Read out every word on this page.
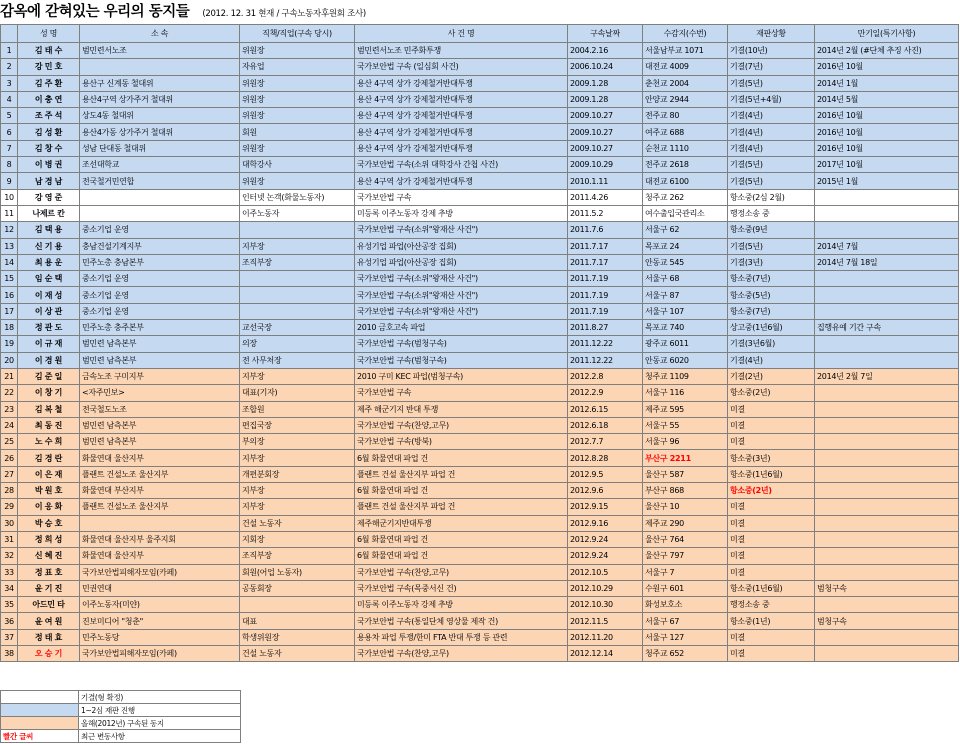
감옥에 갇혀있는 우리의 동지들 (2012. 12. 31 현재 / 구속노동자후원회 조사)
	성 명	소 속	직책/직업(구속 당시)	사 건 명	구속날짜	수감지(수번)	재판상황	만기일(특기사항)
1	김 태 수	범민련서노조	위원장	범민련서노조 민주화투쟁	2004.2.16	서울남부교 1071	기결(10년)	2014년 2월 (#단체 추징 사진)
2	강 민 호		자유업	국가보안법 구속 (일심회 사건)	2006.10.24	대전교 4009	기결(7년)	2016년 10월
3	김 주 환	용산구 신계동 철대위	위원장	용산 4구역 상가 강제철거반대투쟁	2009.1.28	춘천교 2004	기결(5년)	2014년 1월
4	이 충 연	용산4구역 상가주거 철대위	위원장	용산 4구역 상가 강제철거반대투쟁	2009.1.28	안양교 2944	기결(5년+4월)	2014년 5월
5	조 주 석	상도4동 철대위	위원장	용산 4구역 상가 강제철거반대투쟁	2009.10.27	전주교 80	기결(4년)	2016년 10월
6	김 성 환	용산4가동 상가주거 철대위	회원	용산 4구역 상가 강제철거반대투쟁	2009.10.27	여주교 688	기결(4년)	2016년 10월
7	김 창 수	성남 단대동 철대위	위원장	용산 4구역 상가 강제철거반대투쟁	2009.10.27	순천교 1110	기결(4년)	2016년 10월
8	이 병 권	조선대학교	대학강사	국가보안법 구속(소위 대학강사 간첩 사건)	2009.10.29	전주교 2618	기결(5년)	2017년 10월
9	남 경 남	전국철거민연합	위원장	용산 4구역 상가 강제철거반대투쟁	2010.1.11	대전교 6100	기결(5년)	2015년 1월
10	강 영 준		인터넷 논객(화물노동자)	국가보안법 구속	2011.4.26	청주교 262	항소중(2심 2월)	
11	나제르 칸		이주노동자	미등록 이주노동자 강제 추방	2011.5.2	여수출입국관리소	행정소송 중	
12	김 택 용	중소기업 운영		국가보안법 구속(소위"왕재산 사건")	2011.7.6	서울구 62	항소중(9년	
13	신 기 용	충남건설기계지부	지부장	유성기업 파업(아산공장 집회)	2011.7.17	목포교 24	기결(5년)	2014년 7월
14	최 용 운	민주노총 충남본부	조직부장	유성기업 파업(아산공장 집회)	2011.7.17	안동교 545	기결(3년)	2014년 7월 18일
15	임 순 택	중소기업 운영		국가보안법 구속(소위"왕재산 사건")	2011.7.19	서울구 68	항소중(7년)	
16	이 재 성	중소기업 운영		국가보안법 구속(소위"왕재산 사건")	2011.7.19	서울구 87	항소중(5년)	
17	이 상 관	중소기업 운영		국가보안법 구속(소위"왕재산 사건")	2011.7.19	서울구 107	항소중(7년)	
18	정 관 도	민주노총 충주본부	교선국장	2010 금호고속 파업	2011.8.27	목포교 740	상고중(1년6월)	집행유예 기간 구속
19	이 규 재	범민련 남측본부	의장	국가보안법 구속(범청구속)	2011.12.22	광주교 6011	기결(3년6월)	
20	이 경 원	범민련 남측본부	전 사무처장	국가보안법 구속(범청구속)	2011.12.22	안동교 6020	기결(4년)	
21	김 준 일	금속노조 구미지부	지부장	2010 구미 KEC 파업(범청구속)	2012.2.8	청주교 1109	기결(2년)	2014년 2월 7일
22	이 창 기	<자주민보>	대표(기자)	국가보안법 구속	2012.2.9	서울구 116	항소중(2년)	
23	김 복 철	전국철도노조	조합원	제주 해군기지 반대 투쟁	2012.6.15	제주교 595	미결	
24	최 동 진	범민련 남측본부	편집국장	국가보안법 구속(찬양,고무)	2012.6.18	서울구 55	미결	
25	노 수 희	범민련 남측본부	부의장	국가보안법 구속(방북)	2012.7.7	서울구 96	미결	
26	김 경 란	화물연대 울산지부	지부장	6월 화물연대 파업 건	2012.8.28	부산구 2211	항소중(3년)	
27	이 은 재	플랜트 건설노조 울산지부	개편분회장	플랜트 건설 울산지부 파업 건	2012.9.5	울산구 587	항소중(1년6월)	
28	박 원 호	화물연대 부산지부	지부장	6월 화물연대 파업 건	2012.9.6	부산구 868	항소중(2년)	
29	이 응 화	플랜트 건설노조 울산지부	지부장	플랜트 건설 울산지부 파업 건	2012.9.15	울산구 10	미결	
30	박 승 호		건설 노동자	제주해군기지반대투쟁	2012.9.16	제주교 290	미결	
31	정 희 성	화물연대 울산지부 울주지회	지회장	6월 화물연대 파업 건	2012.9.24	울산구 764	미결	
32	신 혜 진	화물연대 울산지부	조직부장	6월 화물연대 파업 건	2012.9.24	울산구 797	미결	
33	정 표 호	국가보안법피해자모임(카페)	회원(어업 노동자)	국가보안법 구속(찬양,고무)	2012.10.5	서울구 7	미결	
34	윤 기 진	민권연대	공동회장	국가보안법 구속(목중서신 건)	2012.10.29	수원구 601	항소중(1년6월)	범청구속
35	아드민 타	이주노동자(미얀)		미등록 이주노동자 강제 추방	2012.10.30	화성보호소	행정소송 중	
36	윤 여 원	진보미디어 "청춘"	대표	국가보안법 구속(통일단체 영상물 제작 건)	2012.11.5	서울구 67	항소중(1년)	범청구속
37	정 태 효	민주노동당	학생위원장	용용차 파업 투쟁/한미 FTA 반대 투쟁 등 관련	2012.11.20	서울구 127	미결	
38	오 승 기	국가보안법피해자모임(카페)	건설 노동자	국가보안법 구속(찬양,고무)	2012.12.14	청주교 652	미결	
	기결(형 확정)
	1~2심 재판 진행
	올해(2012년) 구속된 동지
빨간 글씨	최근 변동사항
